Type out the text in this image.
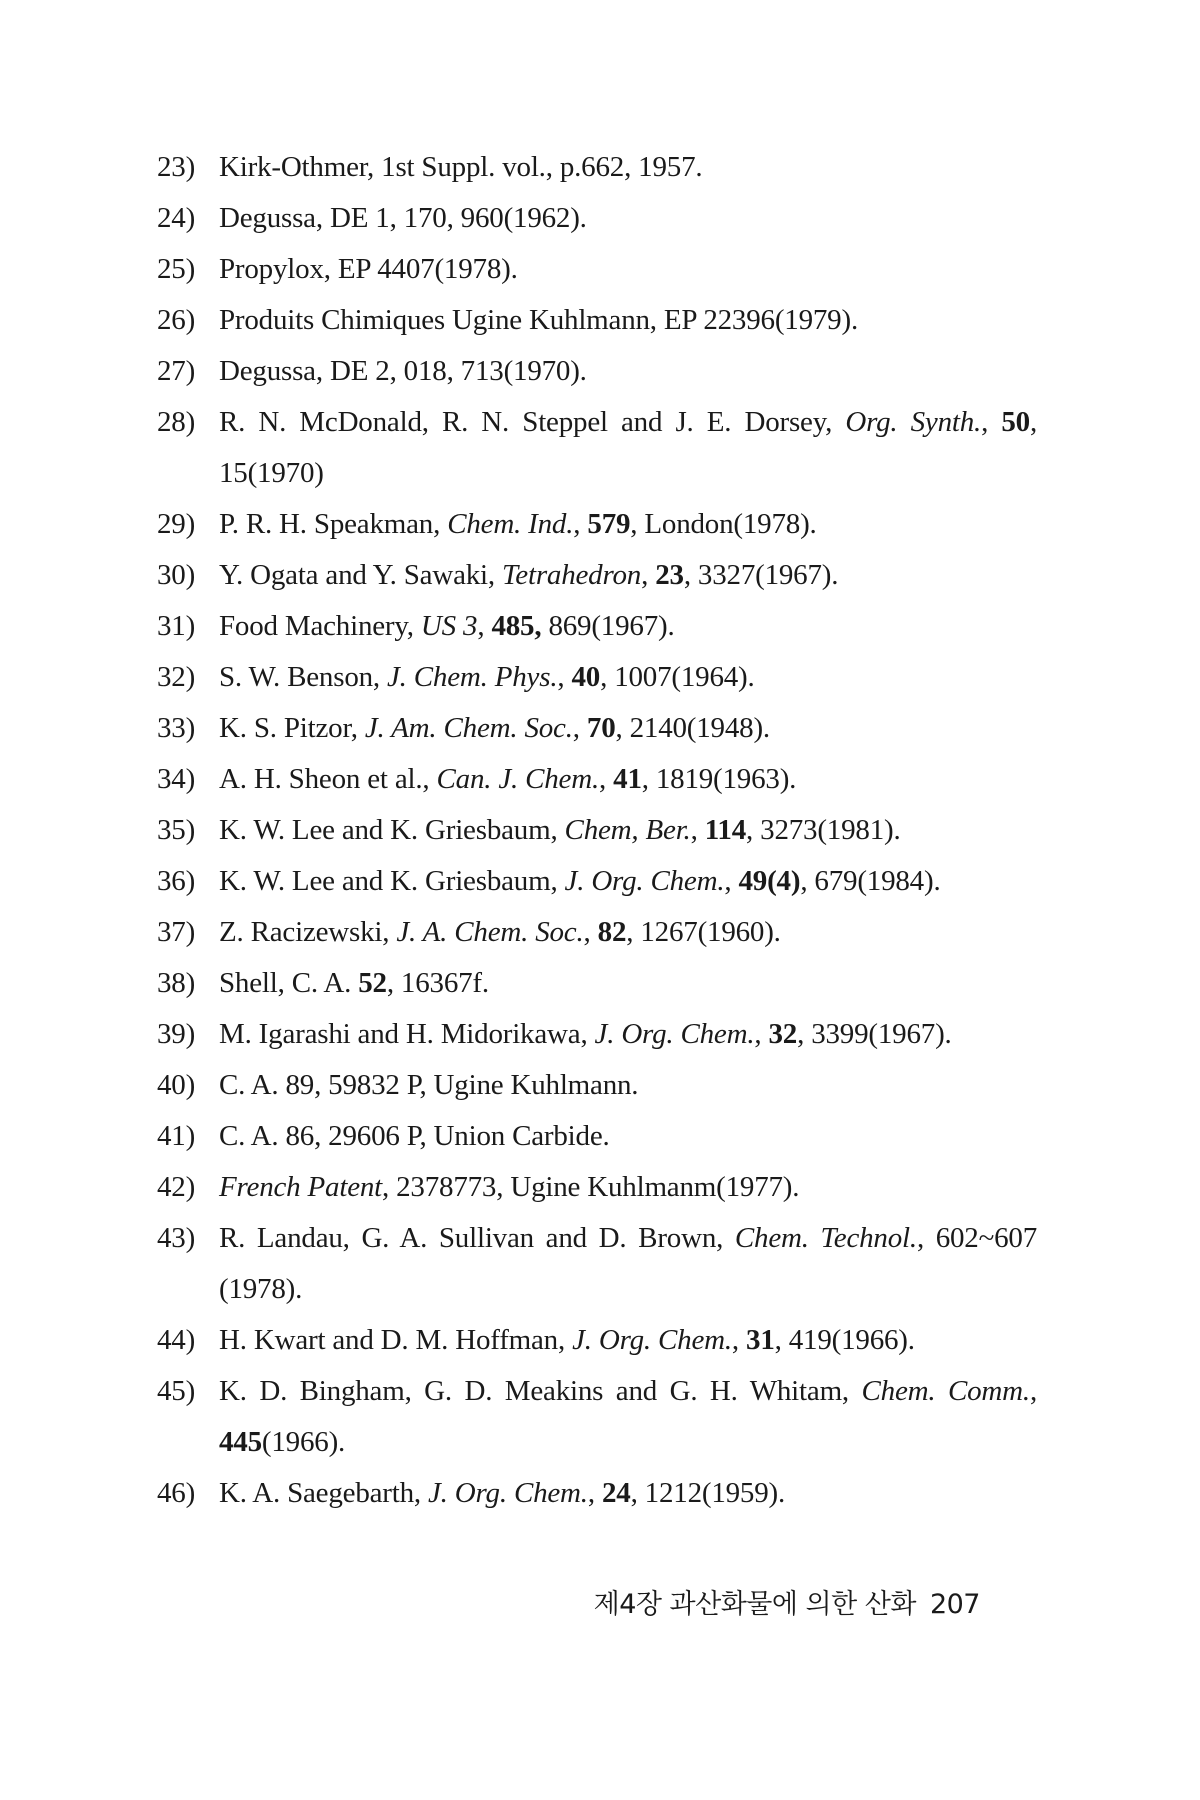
23) Kirk-Othmer, 1st Suppl. vol., p.662, 1957.
24) Degussa, DE 1, 170, 960(1962).
25) Propylox, EP 4407(1978).
26) Produits Chimiques Ugine Kuhlmann, EP 22396(1979).
27) Degussa, DE 2, 018, 713(1970).
28) R. N. McDonald, R. N. Steppel and J. E. Dorsey, Org. Synth., 50, 15(1970)
29) P. R. H. Speakman, Chem. Ind., 579, London(1978).
30) Y. Ogata and Y. Sawaki, Tetrahedron, 23, 3327(1967).
31) Food Machinery, US 3, 485, 869(1967).
32) S. W. Benson, J. Chem. Phys., 40, 1007(1964).
33) K. S. Pitzor, J. Am. Chem. Soc., 70, 2140(1948).
34) A. H. Sheon et al., Can. J. Chem., 41, 1819(1963).
35) K. W. Lee and K. Griesbaum, Chem, Ber., 114, 3273(1981).
36) K. W. Lee and K. Griesbaum, J. Org. Chem., 49(4), 679(1984).
37) Z. Racizewski, J. A. Chem. Soc., 82, 1267(1960).
38) Shell, C. A. 52, 16367f.
39) M. Igarashi and H. Midorikawa, J. Org. Chem., 32, 3399(1967).
40) C. A. 89, 59832 P, Ugine Kuhlmann.
41) C. A. 86, 29606 P, Union Carbide.
42) French Patent, 2378773, Ugine Kuhlmanm(1977).
43) R. Landau, G. A. Sullivan and D. Brown, Chem. Technol., 602~607 (1978).
44) H. Kwart and D. M. Hoffman, J. Org. Chem., 31, 419(1966).
45) K. D. Bingham, G. D. Meakins and G. H. Whitam, Chem. Comm., 445(1966).
46) K. A. Saegebarth, J. Org. Chem., 24, 1212(1959).
제4장 과산화물에 의한 산화 207
